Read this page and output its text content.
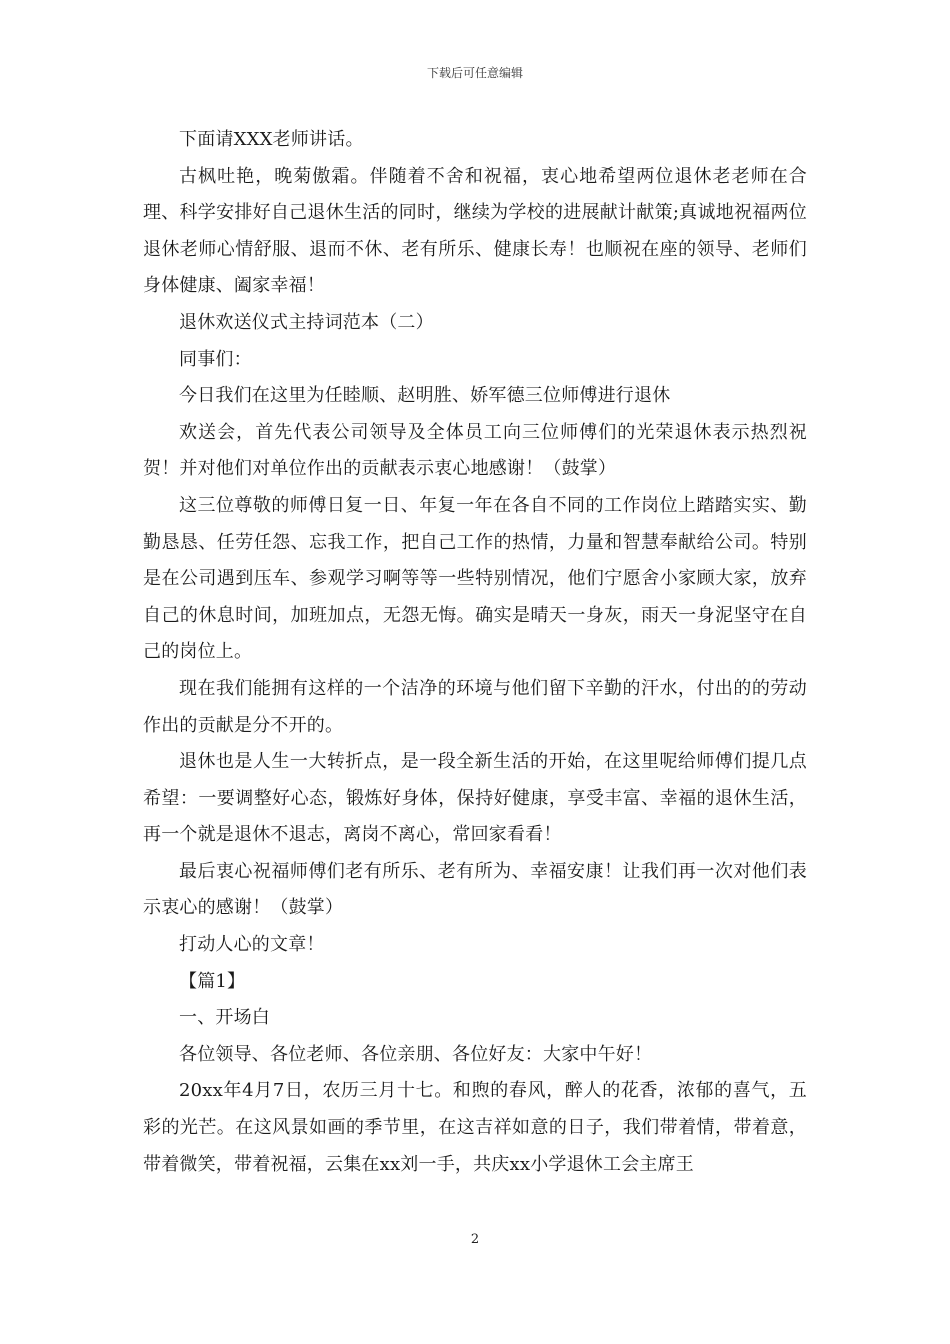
下载后可任意编辑

下面请XXX老师讲话。

古枫吐艳，晚菊傲霜。伴随着不舍和祝福，衷心地希望两位退休老老师在合理、科学安排好自己退休生活的同时，继续为学校的进展献计献策;真诚地祝福两位退休老师心情舒服、退而不休、老有所乐、健康长寿！也顺祝在座的领导、老师们身体健康、阖家幸福！

退休欢送仪式主持词范本（二）

同事们：

今日我们在这里为任睦顺、赵明胜、娇军德三位师傅进行退休

欢送会，首先代表公司领导及全体员工向三位师傅们的光荣退休表示热烈祝贺！并对他们对单位作出的贡献表示衷心地感谢！（鼓掌）

这三位尊敬的师傅日复一日、年复一年在各自不同的工作岗位上踏踏实实、勤勤恳恳、任劳任怨、忘我工作，把自己工作的热情，力量和智慧奉献给公司。特别是在公司遇到压车、参观学习啊等等一些特别情况，他们宁愿舍小家顾大家，放弃自己的休息时间，加班加点，无怨无悔。确实是晴天一身灰，雨天一身泥坚守在自己的岗位上。

现在我们能拥有这样的一个洁净的环境与他们留下辛勤的汗水，付出的的劳动作出的贡献是分不开的。

退休也是人生一大转折点，是一段全新生活的开始，在这里呢给师傅们提几点希望：一要调整好心态，锻炼好身体，保持好健康，享受丰富、幸福的退休生活，再一个就是退休不退志，离岗不离心，常回家看看！

最后衷心祝福师傅们老有所乐、老有所为、幸福安康！让我们再一次对他们表示衷心的感谢！（鼓掌）

打动人心的文章！

【篇1】

一、开场白

各位领导、各位老师、各位亲朋、各位好友：大家中午好！

20xx年4月7日，农历三月十七。和煦的春风，醉人的花香，浓郁的喜气，五彩的光芒。在这风景如画的季节里，在这吉祥如意的日子，我们带着情，带着意，带着微笑，带着祝福，云集在xx刘一手，共庆xx小学退休工会主席王

2
